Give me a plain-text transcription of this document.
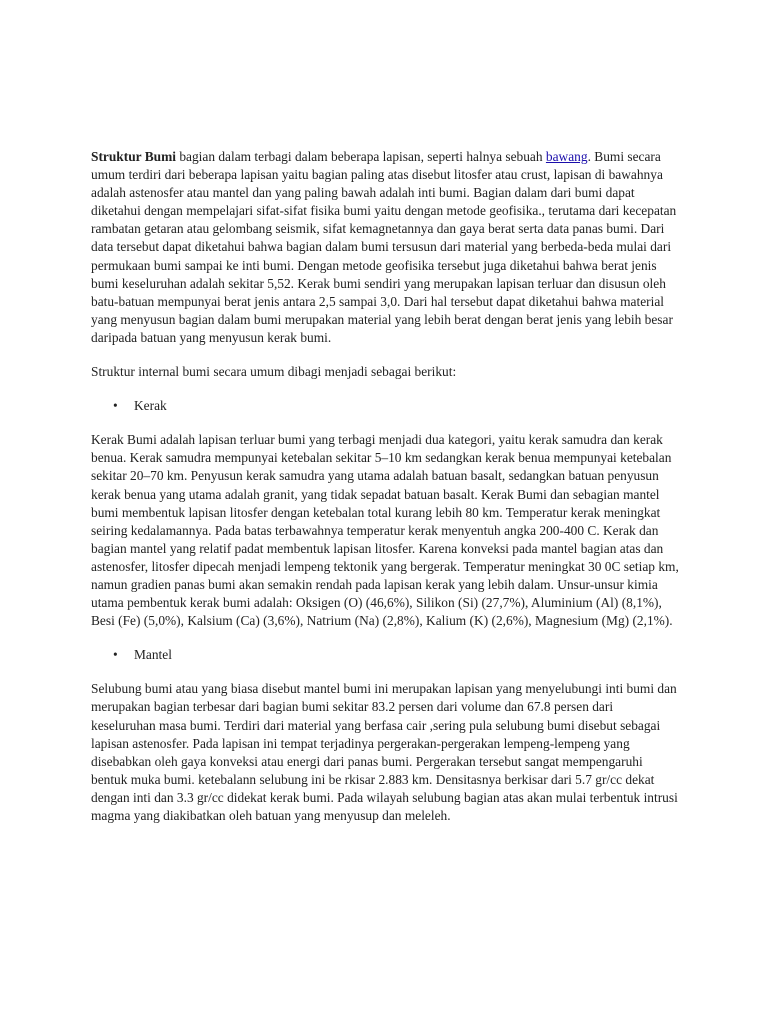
Struktur Bumi bagian dalam terbagi dalam beberapa lapisan, seperti halnya sebuah bawang. Bumi secara umum terdiri dari beberapa lapisan yaitu bagian paling atas disebut litosfer atau crust, lapisan di bawahnya adalah astenosfer atau mantel dan yang paling bawah adalah inti bumi. Bagian dalam dari bumi dapat diketahui dengan mempelajari sifat-sifat fisika bumi yaitu dengan metode geofisika., terutama dari kecepatan rambatan getaran atau gelombang seismik, sifat kemagnetannya dan gaya berat serta data panas bumi. Dari data tersebut dapat diketahui bahwa bagian dalam bumi tersusun dari material yang berbeda-beda mulai dari permukaan bumi sampai ke inti bumi. Dengan metode geofisika tersebut juga diketahui bahwa berat jenis bumi keseluruhan adalah sekitar 5,52. Kerak bumi sendiri yang merupakan lapisan terluar dan disusun oleh batu-batuan mempunyai berat jenis antara 2,5 sampai 3,0. Dari hal tersebut dapat diketahui bahwa material yang menyusun bagian dalam bumi merupakan material yang lebih berat dengan berat jenis yang lebih besar daripada batuan yang menyusun kerak bumi.

Struktur internal bumi secara umum dibagi menjadi sebagai berikut:

• Kerak

Kerak Bumi adalah lapisan terluar bumi yang terbagi menjadi dua kategori, yaitu kerak samudra dan kerak benua. Kerak samudra mempunyai ketebalan sekitar 5–10 km sedangkan kerak benua mempunyai ketebalan sekitar 20–70 km. Penyusun kerak samudra yang utama adalah batuan basalt, sedangkan batuan penyusun kerak benua yang utama adalah granit, yang tidak sepadat batuan basalt. Kerak Bumi dan sebagian mantel bumi membentuk lapisan litosfer dengan ketebalan total kurang lebih 80 km. Temperatur kerak meningkat seiring kedalamannya. Pada batas terbawahnya temperatur kerak menyentuh angka 200-400 C. Kerak dan bagian mantel yang relatif padat membentuk lapisan litosfer. Karena konveksi pada mantel bagian atas dan astenosfer, litosfer dipecah menjadi lempeng tektonik yang bergerak. Temperatur meningkat 30 0C setiap km, namun gradien panas bumi akan semakin rendah pada lapisan kerak yang lebih dalam. Unsur-unsur kimia utama pembentuk kerak bumi adalah: Oksigen (O) (46,6%), Silikon (Si) (27,7%), Aluminium (Al) (8,1%), Besi (Fe) (5,0%), Kalsium (Ca) (3,6%), Natrium (Na) (2,8%), Kalium (K) (2,6%), Magnesium (Mg) (2,1%).

• Mantel

Selubung bumi atau yang biasa disebut mantel bumi ini merupakan lapisan yang menyelubungi inti bumi dan merupakan bagian terbesar dari bagian bumi sekitar 83.2 persen dari volume dan 67.8 persen dari keseluruhan masa bumi. Terdiri dari material yang berfasa cair ,sering pula selubung bumi disebut sebagai lapisan astenosfer. Pada lapisan ini tempat terjadinya pergerakan-pergerakan lempeng-lempeng yang disebabkan oleh gaya konveksi atau energi dari panas bumi. Pergerakan tersebut sangat mempengaruhi bentuk muka bumi. ketebalann selubung ini be rkisar 2.883 km. Densitasnya berkisar dari 5.7 gr/cc dekat dengan inti dan 3.3 gr/cc didekat kerak bumi. Pada wilayah selubung bagian atas akan mulai terbentuk intrusi magma yang diakibatkan oleh batuan yang menyusup dan meleleh.
